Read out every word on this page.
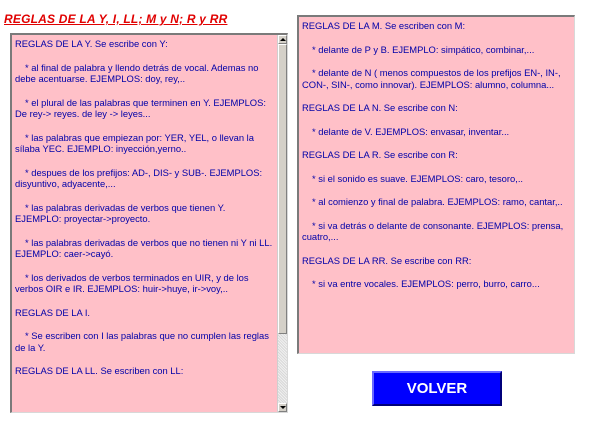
REGLAS DE LA Y, I, LL; M y N; R y RR

REGLAS DE LA Y. Se escribe con Y:

* al final de palabra y llendo detrás de vocal. Ademas no debe acentuarse. EJEMPLOS: doy, rey,..

* el plural de las palabras que terminen en Y. EJEMPLOS: De rey-> reyes. de ley -> leyes...

* las palabras que empiezan por: YER, YEL, o llevan la sílaba YEC. EJEMPLO: inyección,yerno..

* despues de los prefijos: AD-, DIS- y SUB-. EJEMPLOS: disyuntivo, adyacente,...

* las palabras derivadas de verbos que tienen Y. EJEMPLO: proyectar->proyecto.

* las palabras derivadas de verbos que no tienen ni Y ni LL. EJEMPLO: caer->cayó.

* los derivados de verbos terminados en UIR, y de los verbos OIR e IR. EJEMPLOS: huir->huye, ir->voy,..

REGLAS DE LA I.

* Se escriben con I las palabras que no cumplen las reglas de la Y.

REGLAS DE LA LL. Se escriben con LL:

REGLAS DE LA M. Se escriben con M:

* delante de P y B. EJEMPLO: simpático, combinar,...

* delante de N ( menos compuestos de los prefijos EN-, IN-, CON-, SIN-, como innovar). EJEMPLOS: alumno, columna...

REGLAS DE LA N. Se escribe con N:

* delante de V. EJEMPLOS: envasar, inventar...

REGLAS DE LA R. Se escribe con R:

* si el sonido es suave. EJEMPLOS: caro, tesoro,..

* al comienzo y final de palabra. EJEMPLOS: ramo, cantar,..

* si va detrás o delante de consonante. EJEMPLOS: prensa, cuatro,...

REGLAS DE LA RR. Se escribe con RR:

* si va entre vocales. EJEMPLOS: perro, burro, carro...

VOLVER
